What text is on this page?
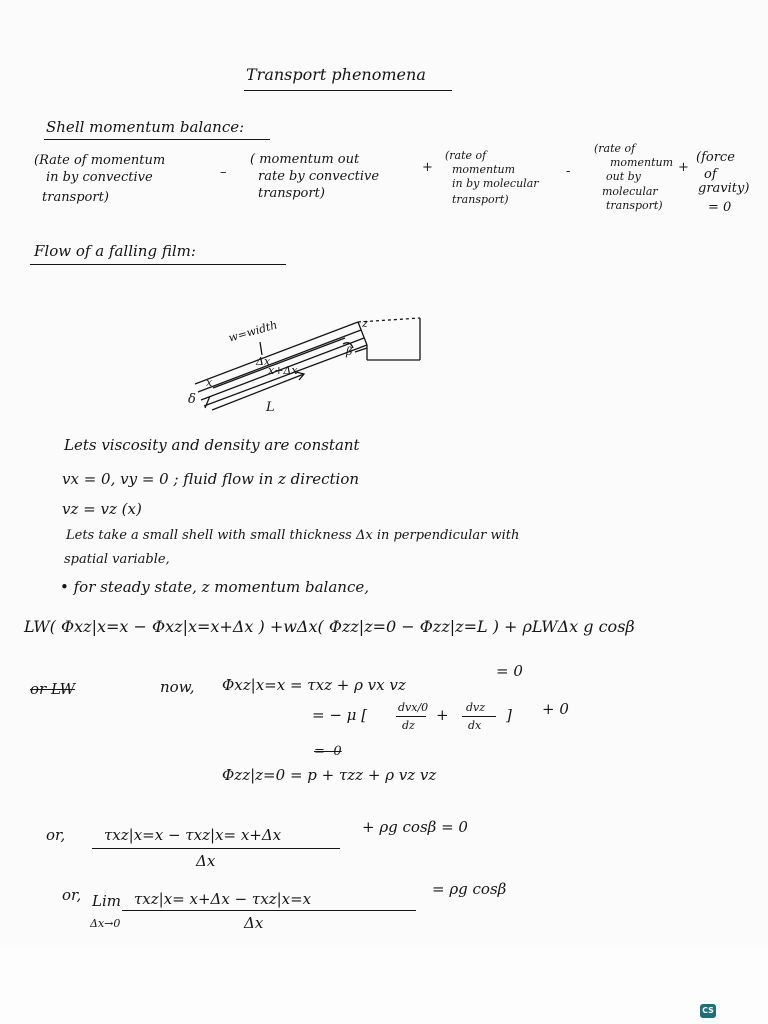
Transport phenomena
Shell momentum balance:
(Rate of momentum
in by convective
transport)
–
( momentum out
rate by convective
transport)
+
(rate of
momentum
in by molecular
transport)
-
(rate of
momentum
out by
molecular
transport)
+
(force
of
gravity)
= 0
Flow of a falling film:
w=width
Δx
x+Δx
x
δ
L
β
z
Lets viscosity and density are constant
vx = 0, vy = 0 ; fluid flow in z direction
vz = vz (x)
Lets take a small shell with small thickness Δx in perpendicular with
spatial variable,
• for steady state, z momentum balance,
LW( Φxz|x=x − Φxz|x=x+Δx ) +wΔx( Φzz|z=0 − Φzz|z=L ) + ρLWΔx g cosβ
= 0
or LW	now, Φxz|x=x = τxz + ρ vx vz
= − μ [	dvx/0
dz
+ dvz
dx
] + 0
= -0
Φzz|z=0 = p + τzz + ρ vz vz
or,	τxz|x=x − τxz|x= x+Δx
Δx
+ ρg cosβ = 0
or, Lim
Δx→0
τxz|x= x+Δx − τxz|x=x
Δx
= ρg cosβ
CS
